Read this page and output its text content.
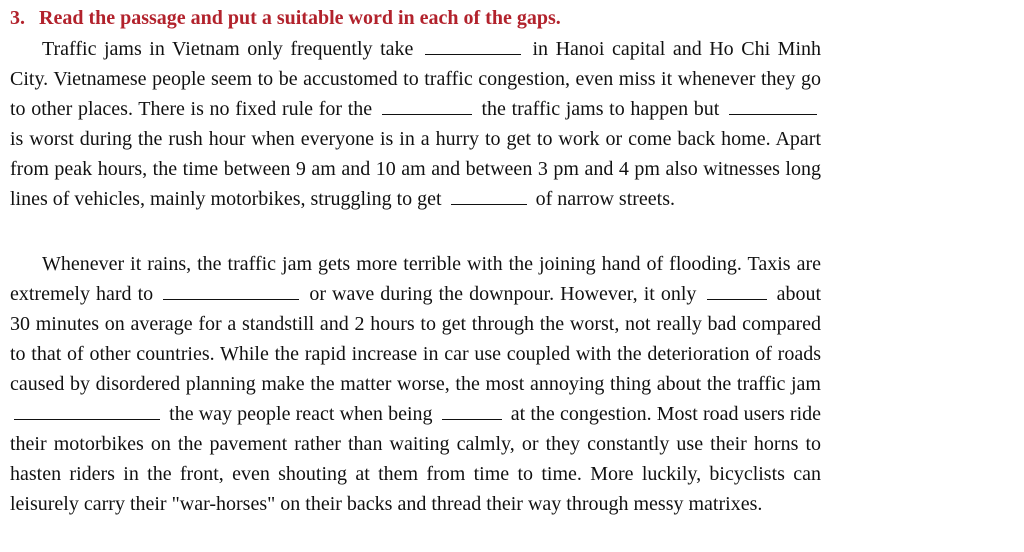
3. Read the passage and put a suitable word in each of the gaps.

Traffic jams in Vietnam only frequently take	in Hanoi capital and Ho Chi Minh City. Vietnamese people seem to be accustomed to traffic congestion, even miss it whenever they go to other places. There is no fixed rule for the	the traffic jams to happen but  is worst during the rush hour when everyone is in a hurry to get to work or come back home. Apart from peak hours, the time between 9 am and 10 am and between 3 pm and 4 pm also witnesses long lines of vehicles, mainly motorbikes, struggling to get	of narrow streets.

Whenever it rains, the traffic jam gets more terrible with the joining hand of flooding. Taxis are extremely hard to	or wave during the downpour. However, it only	about 30 minutes on average for a standstill and 2 hours to get through the worst, not really bad compared to that of other countries. While the rapid increase in car use coupled with the deterioration of roads caused by disordered planning make the matter worse, the most annoying thing about the traffic jam  the way people react when being	at the congestion. Most road users ride their motorbikes on the pavement rather than waiting calmly, or they constantly use their horns to hasten riders in the front, even shouting at them from time to time. More luckily, bicyclists can leisurely carry their "war-horses" on their backs and thread their way through messy matrixes.
